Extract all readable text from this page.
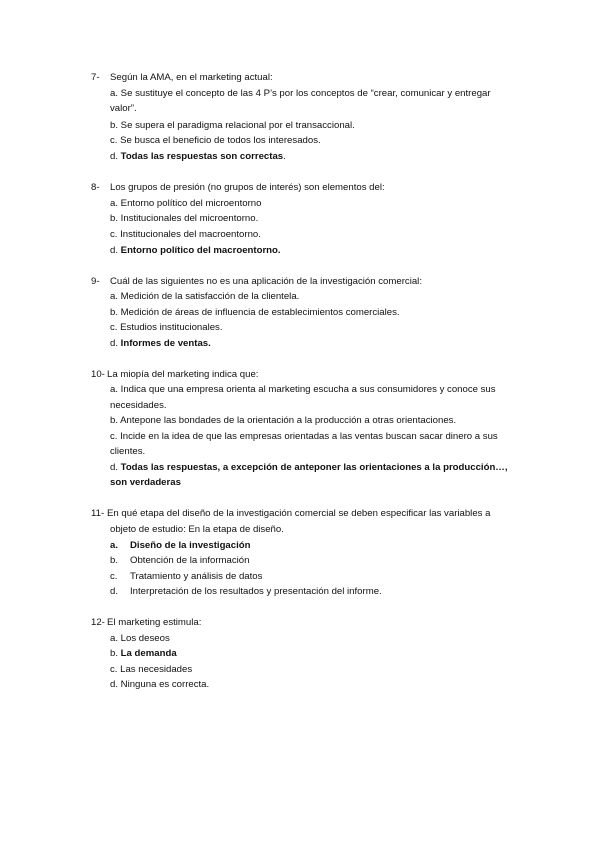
7- Según la AMA, en el marketing actual:
a. Se sustituye el concepto de las 4 P’s por los conceptos de “crear, comunicar y entregar
valor”.
b. Se supera el paradigma relacional por el transaccional.
c. Se busca el beneficio de todos los interesados.
d. Todas las respuestas son correctas.
8- Los grupos de presión (no grupos de interés) son elementos del:
a. Entorno político del microentorno
b. Institucionales del microentorno.
c. Institucionales del macroentorno.
d. Entorno político del macroentorno.
9- Cuál de las siguientes no es una aplicación de la investigación comercial:
a. Medición de la satisfacción de la clientela.
b. Medición de áreas de influencia de establecimientos comerciales.
c. Estudios institucionales.
d. Informes de ventas.
10- La miopía del marketing indica que:
a. Indica que una empresa orienta al marketing escucha a sus consumidores y conoce sus
necesidades.
b. Antepone las bondades de la orientación a la producción a otras orientaciones.
c. Incide en la idea de que las empresas orientadas a las ventas buscan sacar dinero a sus
clientes.
d. Todas las respuestas, a excepción de anteponer las orientaciones a la producción…,
son verdaderas
11- En qué etapa del diseño de la investigación comercial se deben especificar las variables a
objeto de estudio: En la etapa de diseño.
a. Diseño de la investigación
b. Obtención de la información
c. Tratamiento y análisis de datos
d. Interpretación de los resultados y presentación del informe.
12- El marketing estimula:
a. Los deseos
b. La demanda
c. Las necesidades
d. Ninguna es correcta.
